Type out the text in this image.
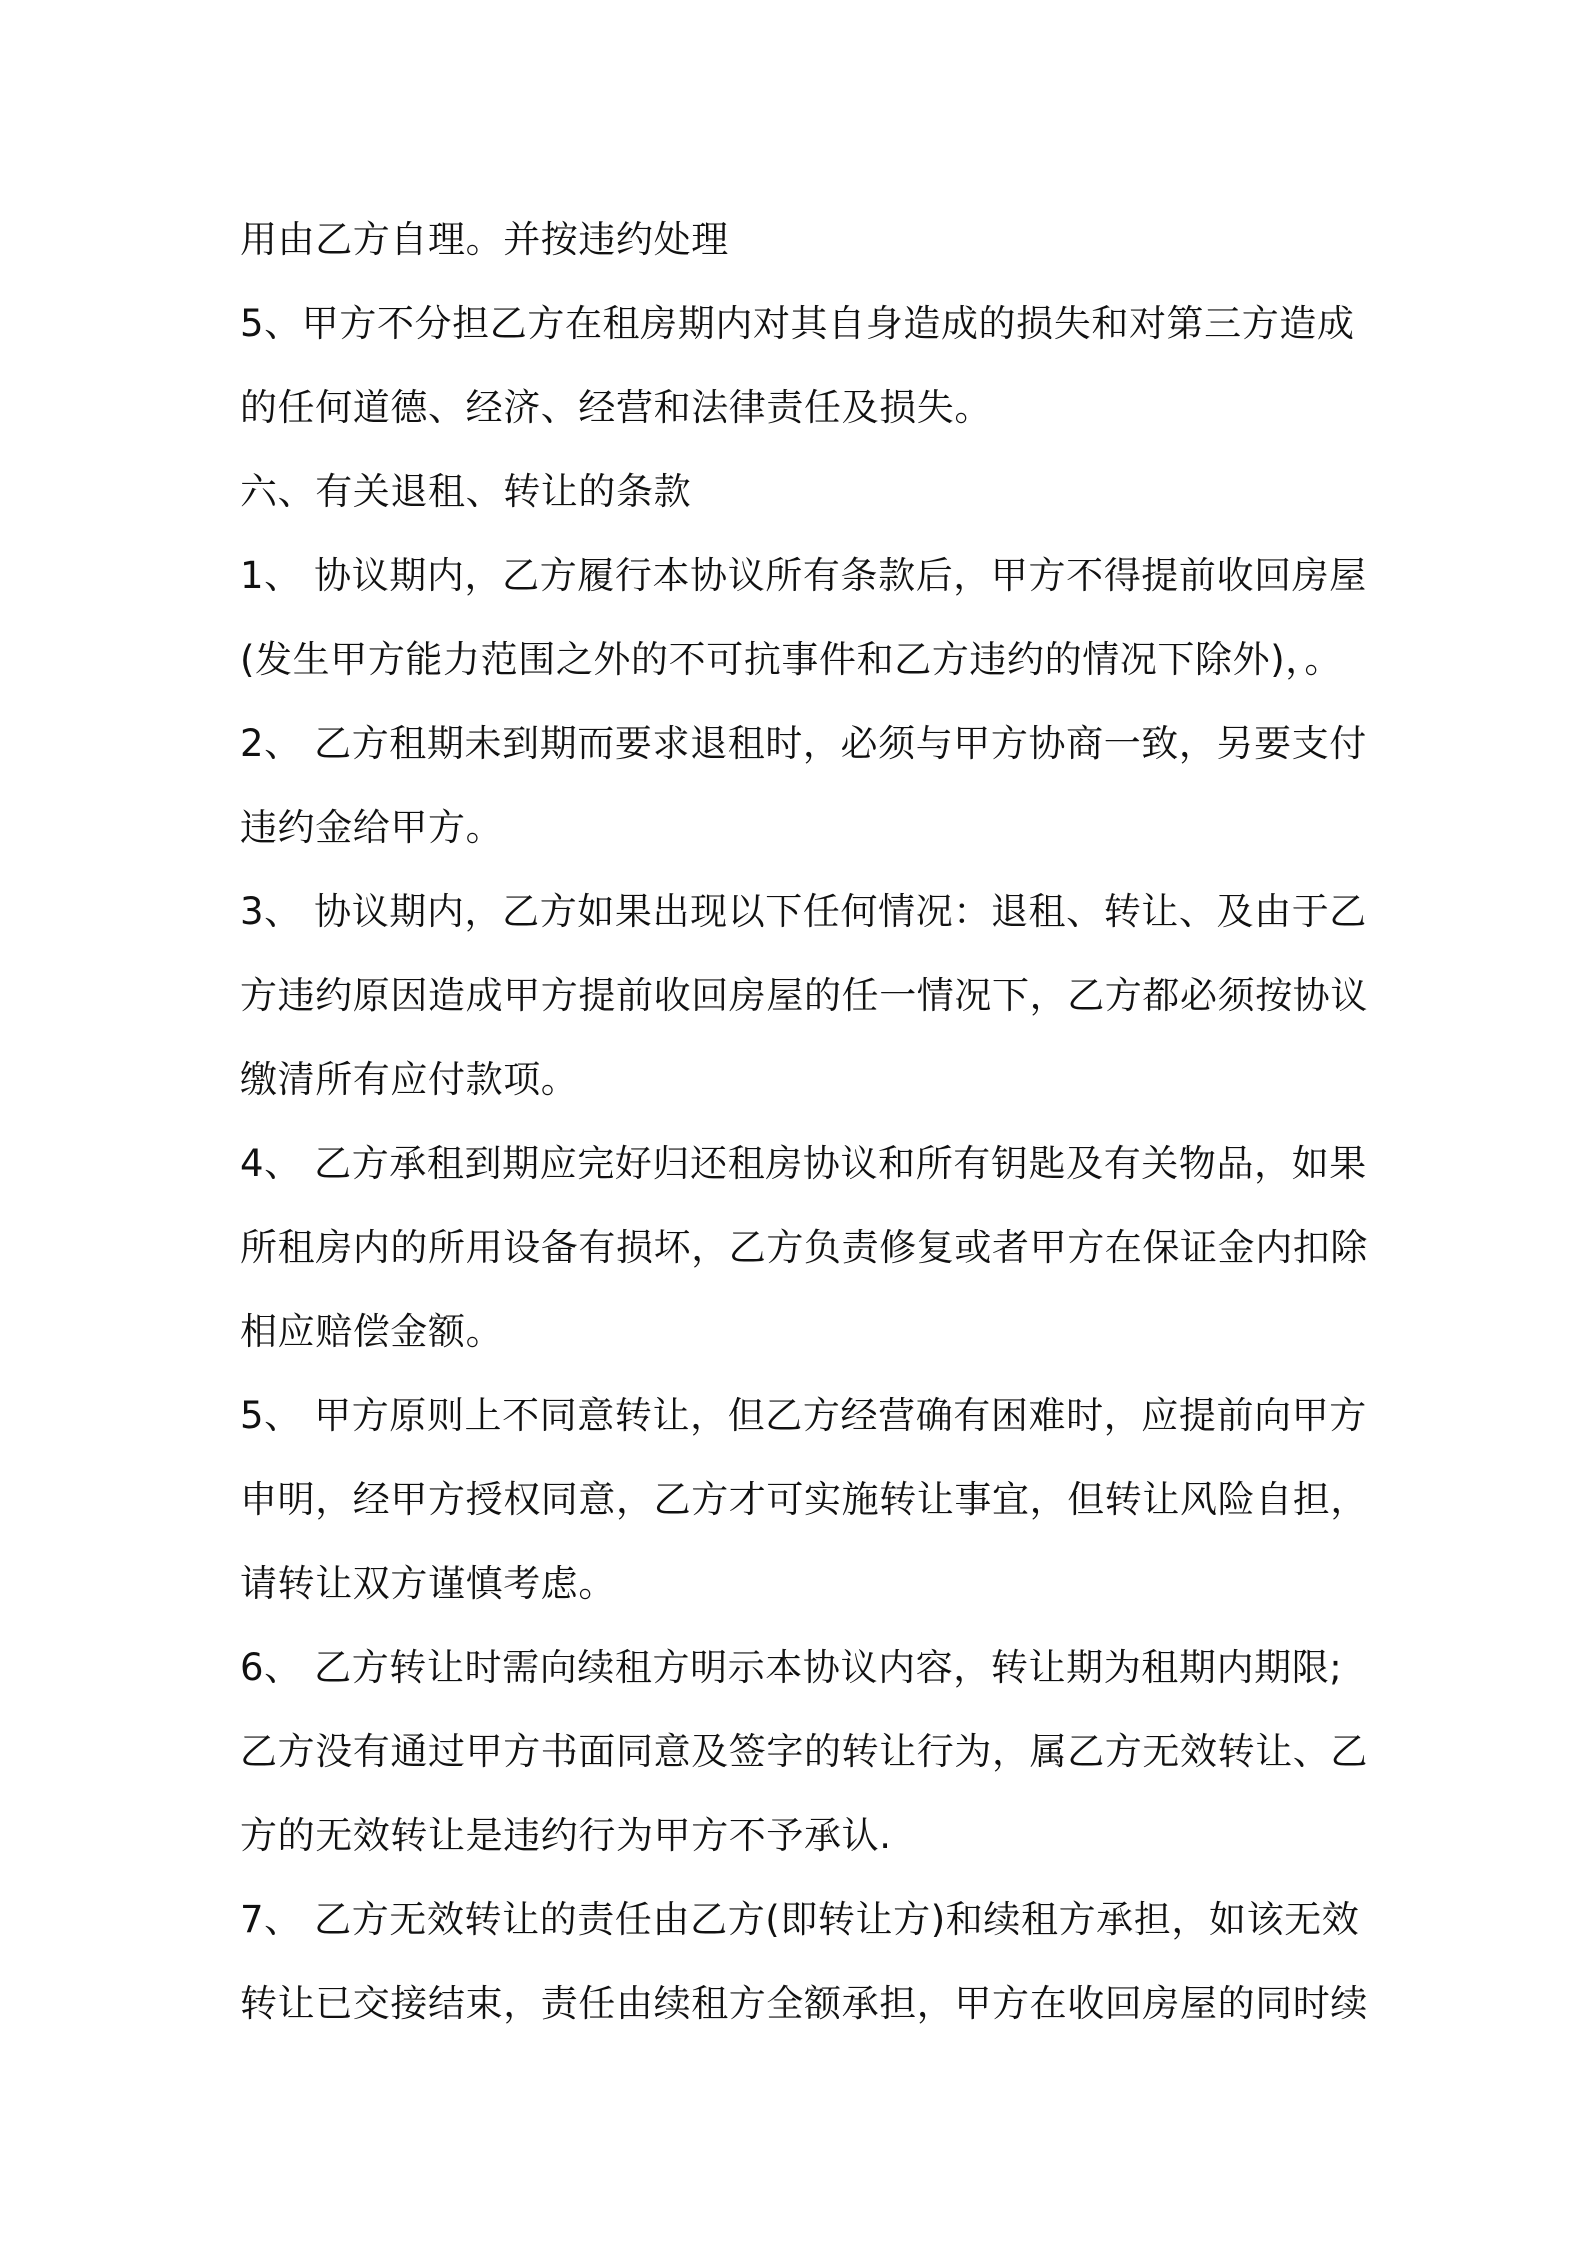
用由乙方自理。并按违约处理
5、甲方不分担乙方在租房期内对其自身造成的损失和对第三方造成
的任何道德、经济、经营和法律责任及损失。
六、有关退租、转让的条款
1、 协议期内，乙方履行本协议所有条款后，甲方不得提前收回房屋
(发生甲方能力范围之外的不可抗事件和乙方违约的情况下除外)，。
2、 乙方租期未到期而要求退租时，必须与甲方协商一致，另要支付
违约金给甲方。
3、 协议期内，乙方如果出现以下任何情况：退租、转让、及由于乙
方违约原因造成甲方提前收回房屋的任一情况下，乙方都必须按协议
缴清所有应付款项。
4、 乙方承租到期应完好归还租房协议和所有钥匙及有关物品，如果
所租房内的所用设备有损坏，乙方负责修复或者甲方在保证金内扣除
相应赔偿金额。
5、 甲方原则上不同意转让，但乙方经营确有困难时，应提前向甲方
申明，经甲方授权同意，乙方才可实施转让事宜，但转让风险自担，
请转让双方谨慎考虑。
6、 乙方转让时需向续租方明示本协议内容，转让期为租期内期限;
乙方没有通过甲方书面同意及签字的转让行为，属乙方无效转让、乙
方的无效转让是违约行为甲方不予承认.
7、 乙方无效转让的责任由乙方(即转让方)和续租方承担，如该无效
转让已交接结束，责任由续租方全额承担，甲方在收回房屋的同时续
